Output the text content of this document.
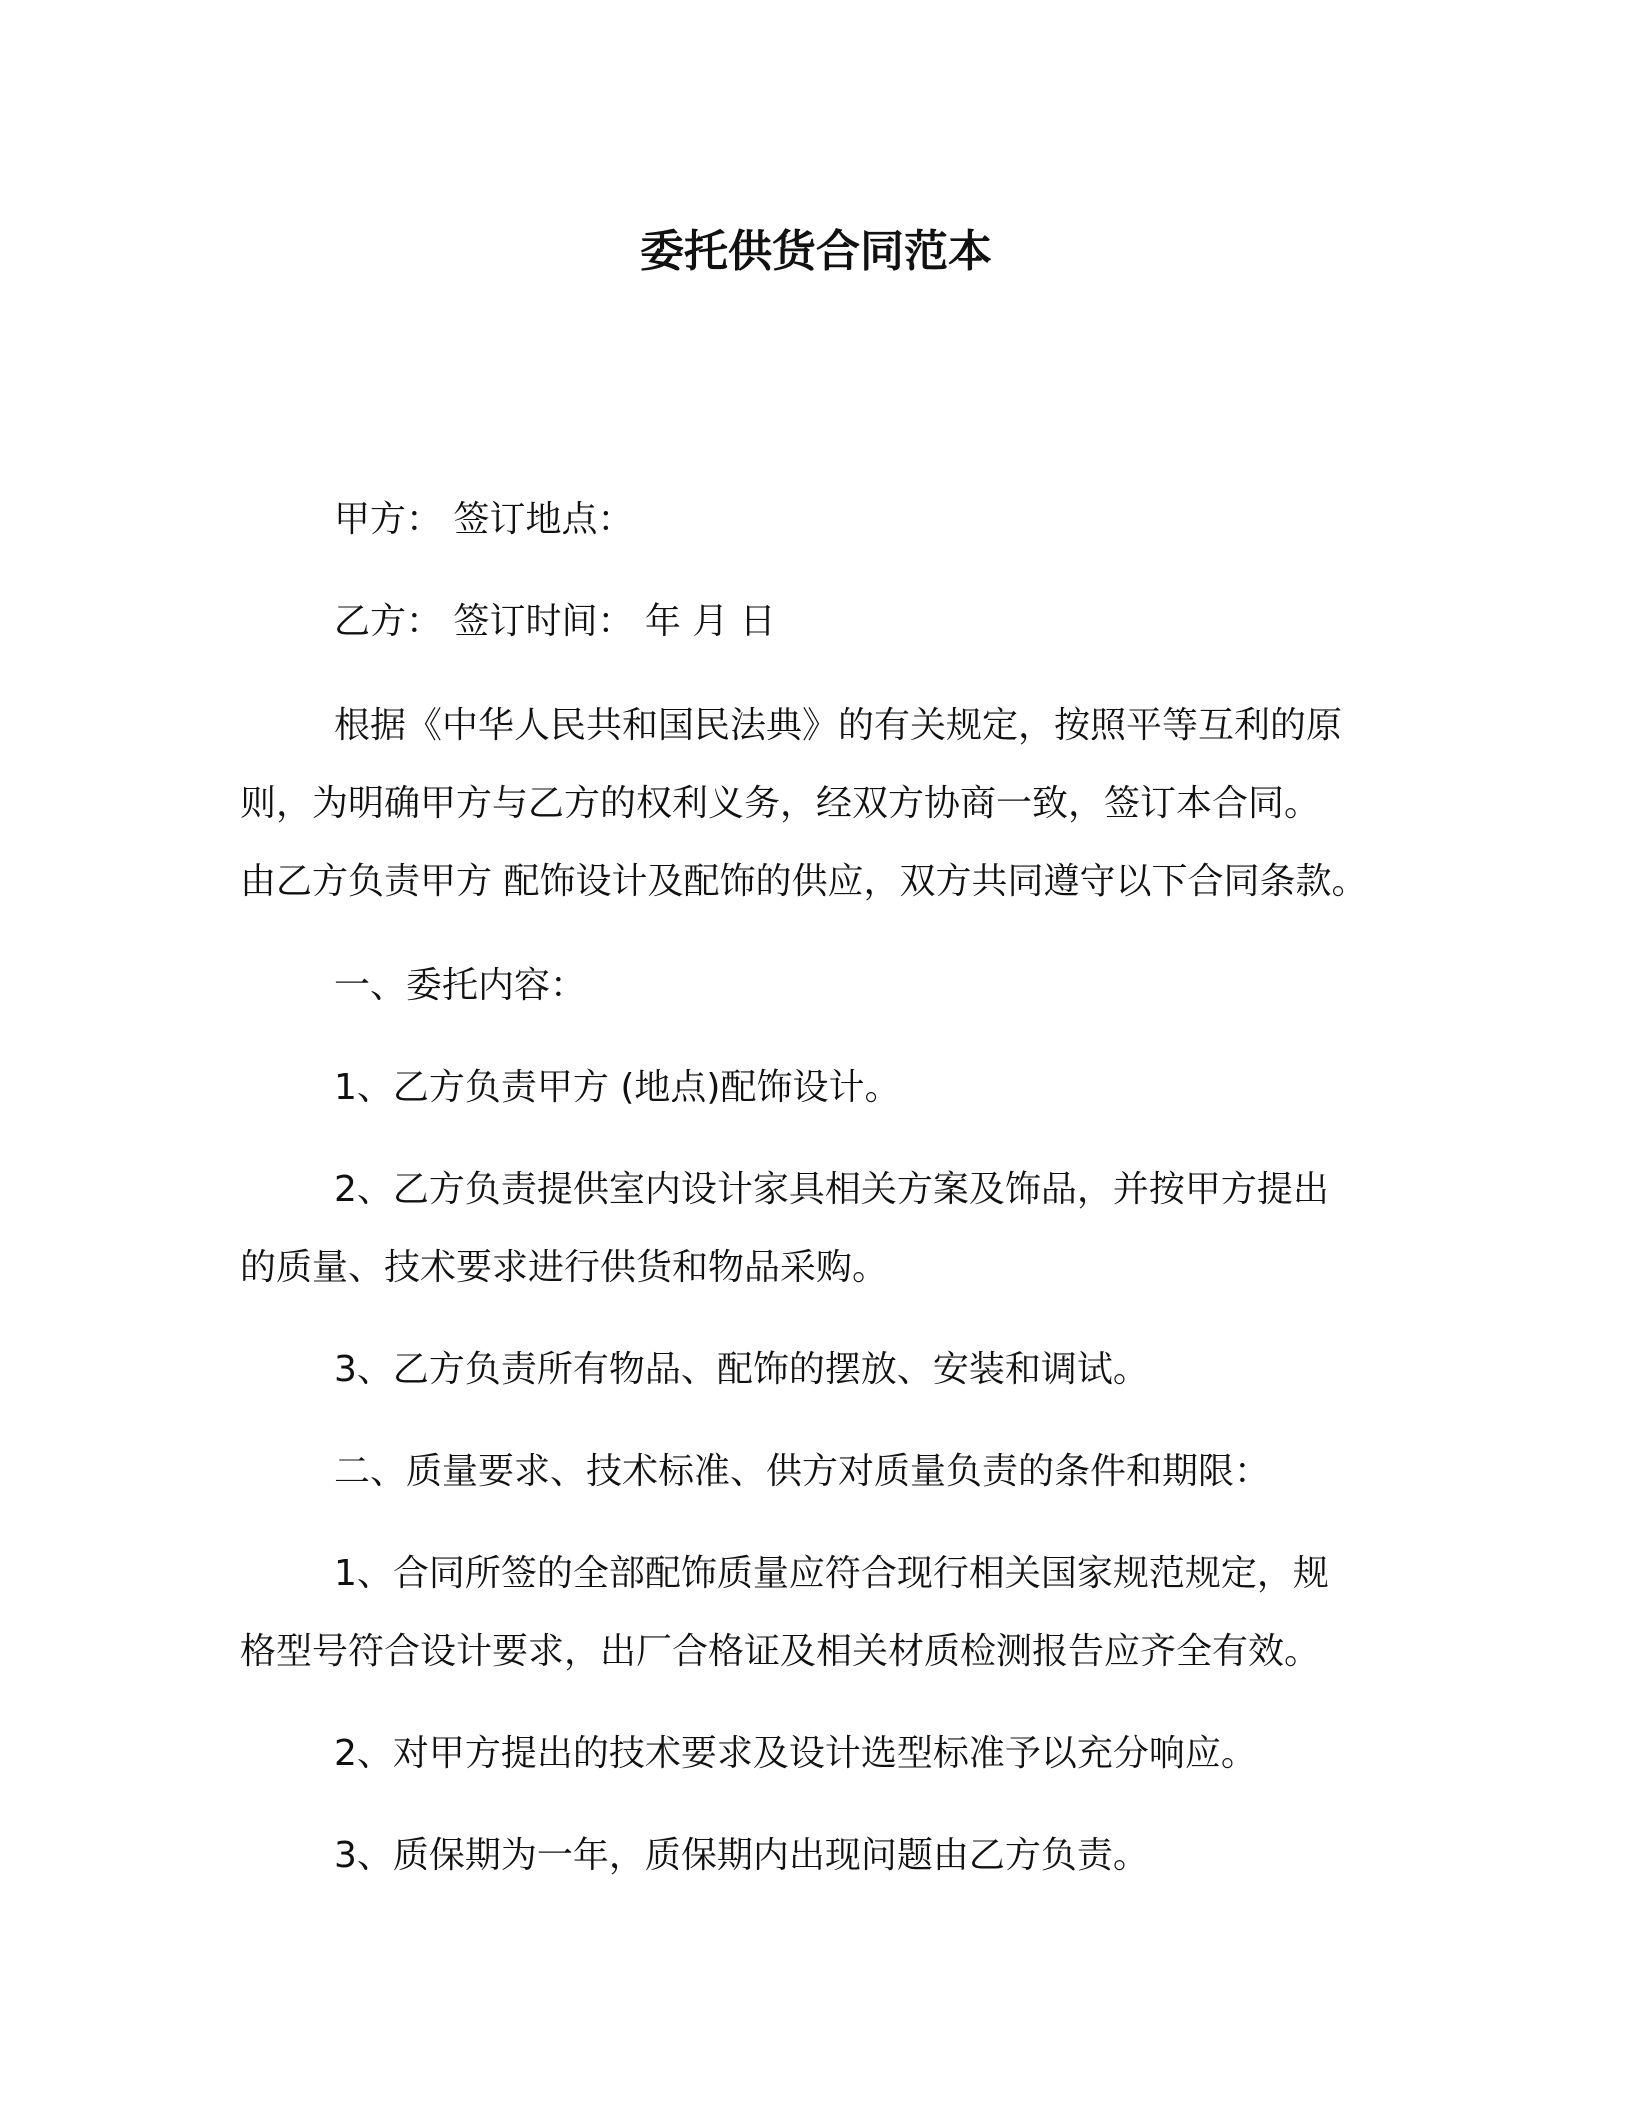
委托供货合同范本
甲方： 签订地点：
乙方： 签订时间： 年 月 日
根据《中华人民共和国民法典》的有关规定，按照平等互利的原
则，为明确甲方与乙方的权利义务，经双方协商一致，签订本合同。
由乙方负责甲方 配饰设计及配饰的供应，双方共同遵守以下合同条款。
一、委托内容：
1、乙方负责甲方 (地点)配饰设计。
2、乙方负责提供室内设计家具相关方案及饰品，并按甲方提出
的质量、技术要求进行供货和物品采购。
3、乙方负责所有物品、配饰的摆放、安装和调试。
二、质量要求、技术标准、供方对质量负责的条件和期限：
1、合同所签的全部配饰质量应符合现行相关国家规范规定，规
格型号符合设计要求，出厂合格证及相关材质检测报告应齐全有效。
2、对甲方提出的技术要求及设计选型标准予以充分响应。
3、质保期为一年，质保期内出现问题由乙方负责。
